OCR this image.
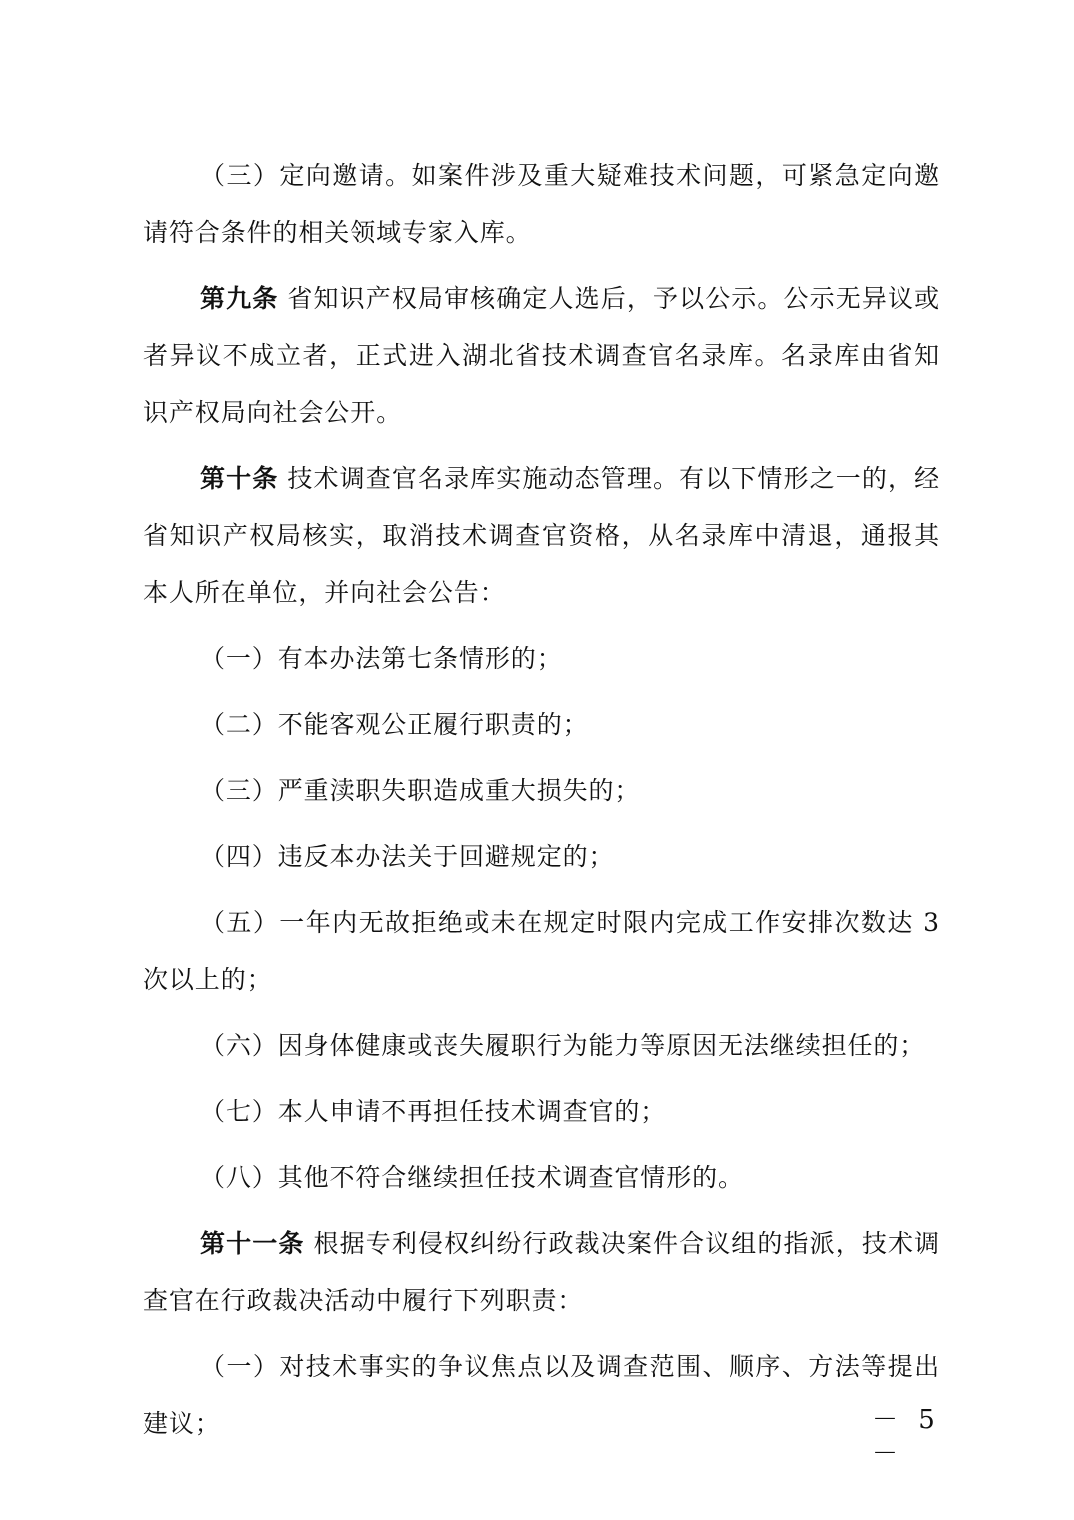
（三）定向邀请。如案件涉及重大疑难技术问题，可紧急定向邀请符合条件的相关领域专家入库。

第九条 省知识产权局审核确定人选后，予以公示。公示无异议或者异议不成立者，正式进入湖北省技术调查官名录库。名录库由省知识产权局向社会公开。

第十条 技术调查官名录库实施动态管理。有以下情形之一的，经省知识产权局核实，取消技术调查官资格，从名录库中清退，通报其本人所在单位，并向社会公告：

（一）有本办法第七条情形的；

（二）不能客观公正履行职责的；

（三）严重渎职失职造成重大损失的；

（四）违反本办法关于回避规定的；

（五）一年内无故拒绝或未在规定时限内完成工作安排次数达 3 次以上的；

（六）因身体健康或丧失履职行为能力等原因无法继续担任的；

（七）本人申请不再担任技术调查官的；

（八）其他不符合继续担任技术调查官情形的。

第十一条 根据专利侵权纠纷行政裁决案件合议组的指派，技术调查官在行政裁决活动中履行下列职责：

（一）对技术事实的争议焦点以及调查范围、顺序、方法等提出建议；	－ 5 －
